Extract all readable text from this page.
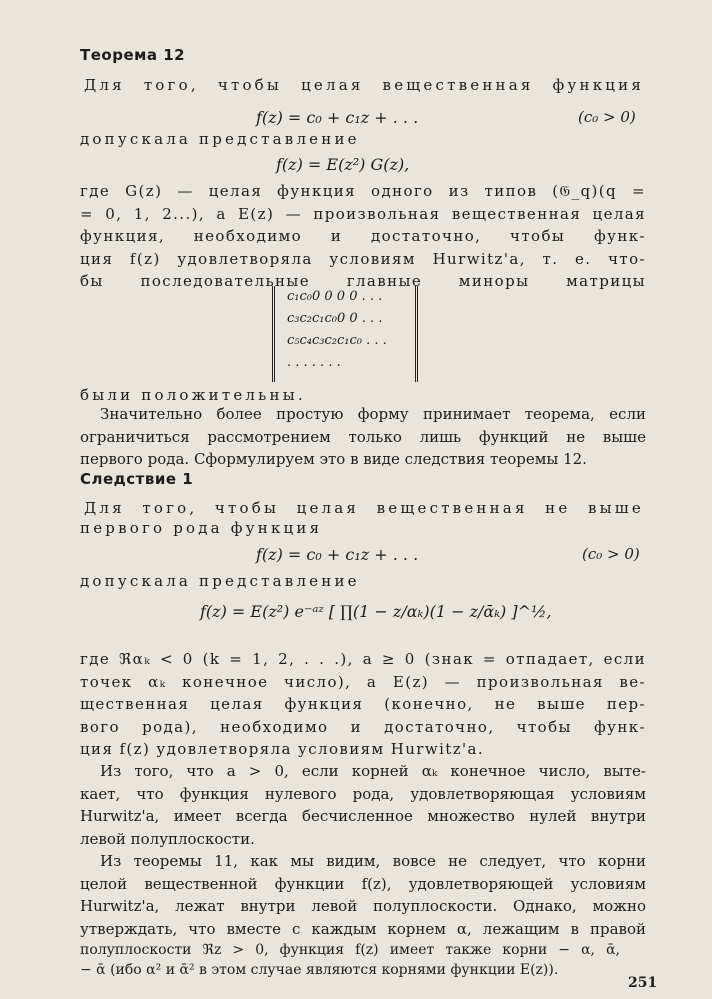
Теорема 12
Для того, чтобы целая вещественная функция
f(z) = c₀ + c₁z + . . .	(c₀ > 0)
допускала представление
f(z) = E(z²) G(z),
где G(z) — целая функция одного из типов (𝔊_q)(q =
= 0, 1, 2...), а E(z) — произвольная вещественная целая
функция, необходимо и достаточно, чтобы функ-
ция f(z) удовлетворяла условиям Hurwitz'a, т. е. что-
бы последовательные главные миноры матрицы
c₁c₀0 0 0 0 . . .
c₃c₂c₁c₀0 0 . . .
c₅c₄c₃c₂c₁c₀ . . .
. . . . . . .
были положительны.
Значительно более простую форму принимает теорема, если
ограничиться рассмотрением только лишь функций не выше
первого рода. Сформулируем это в виде следствия теоремы 12.
Следствие 1
Для того, чтобы целая вещественная не выше
первого рода функция
f(z) = c₀ + c₁z + . . .	(c₀ > 0)
допускала представление
f(z) = E(z²) e⁻ᵃᶻ [ ∏(1 − z/αₖ)(1 − z/ᾱₖ) ]^½,
где ℜαₖ < 0 (k = 1, 2, . . .), a ≥ 0 (знак = отпадает, если
точек αₖ конечное число), а E(z) — произвольная ве-
щественная целая функция (конечно, не выше пер-
вого рода), необходимо и достаточно, чтобы функ-
ция f(z) удовлетворяла условиям Hurwitz'a.
Из того, что a > 0, если корней αₖ конечное число, выте-
кает, что функция нулевого рода, удовлетворяющая условиям
Hurwitz'a, имеет всегда бесчисленное множество нулей внутри
левой полуплоскости.
Из теоремы 11, как мы видим, вовсе не следует, что корни
целой вещественной функции f(z), удовлетворяющей условиям
Hurwitz'a, лежат внутри левой полуплоскости. Однако, можно
утверждать, что вместе с каждым корнем α, лежащим в правой
полуплоскости ℜz > 0, функция f(z) имеет также корни − α, ᾱ,
− ᾱ (ибо α² и ᾱ² в этом случае являются корнями функции E(z)).
251
